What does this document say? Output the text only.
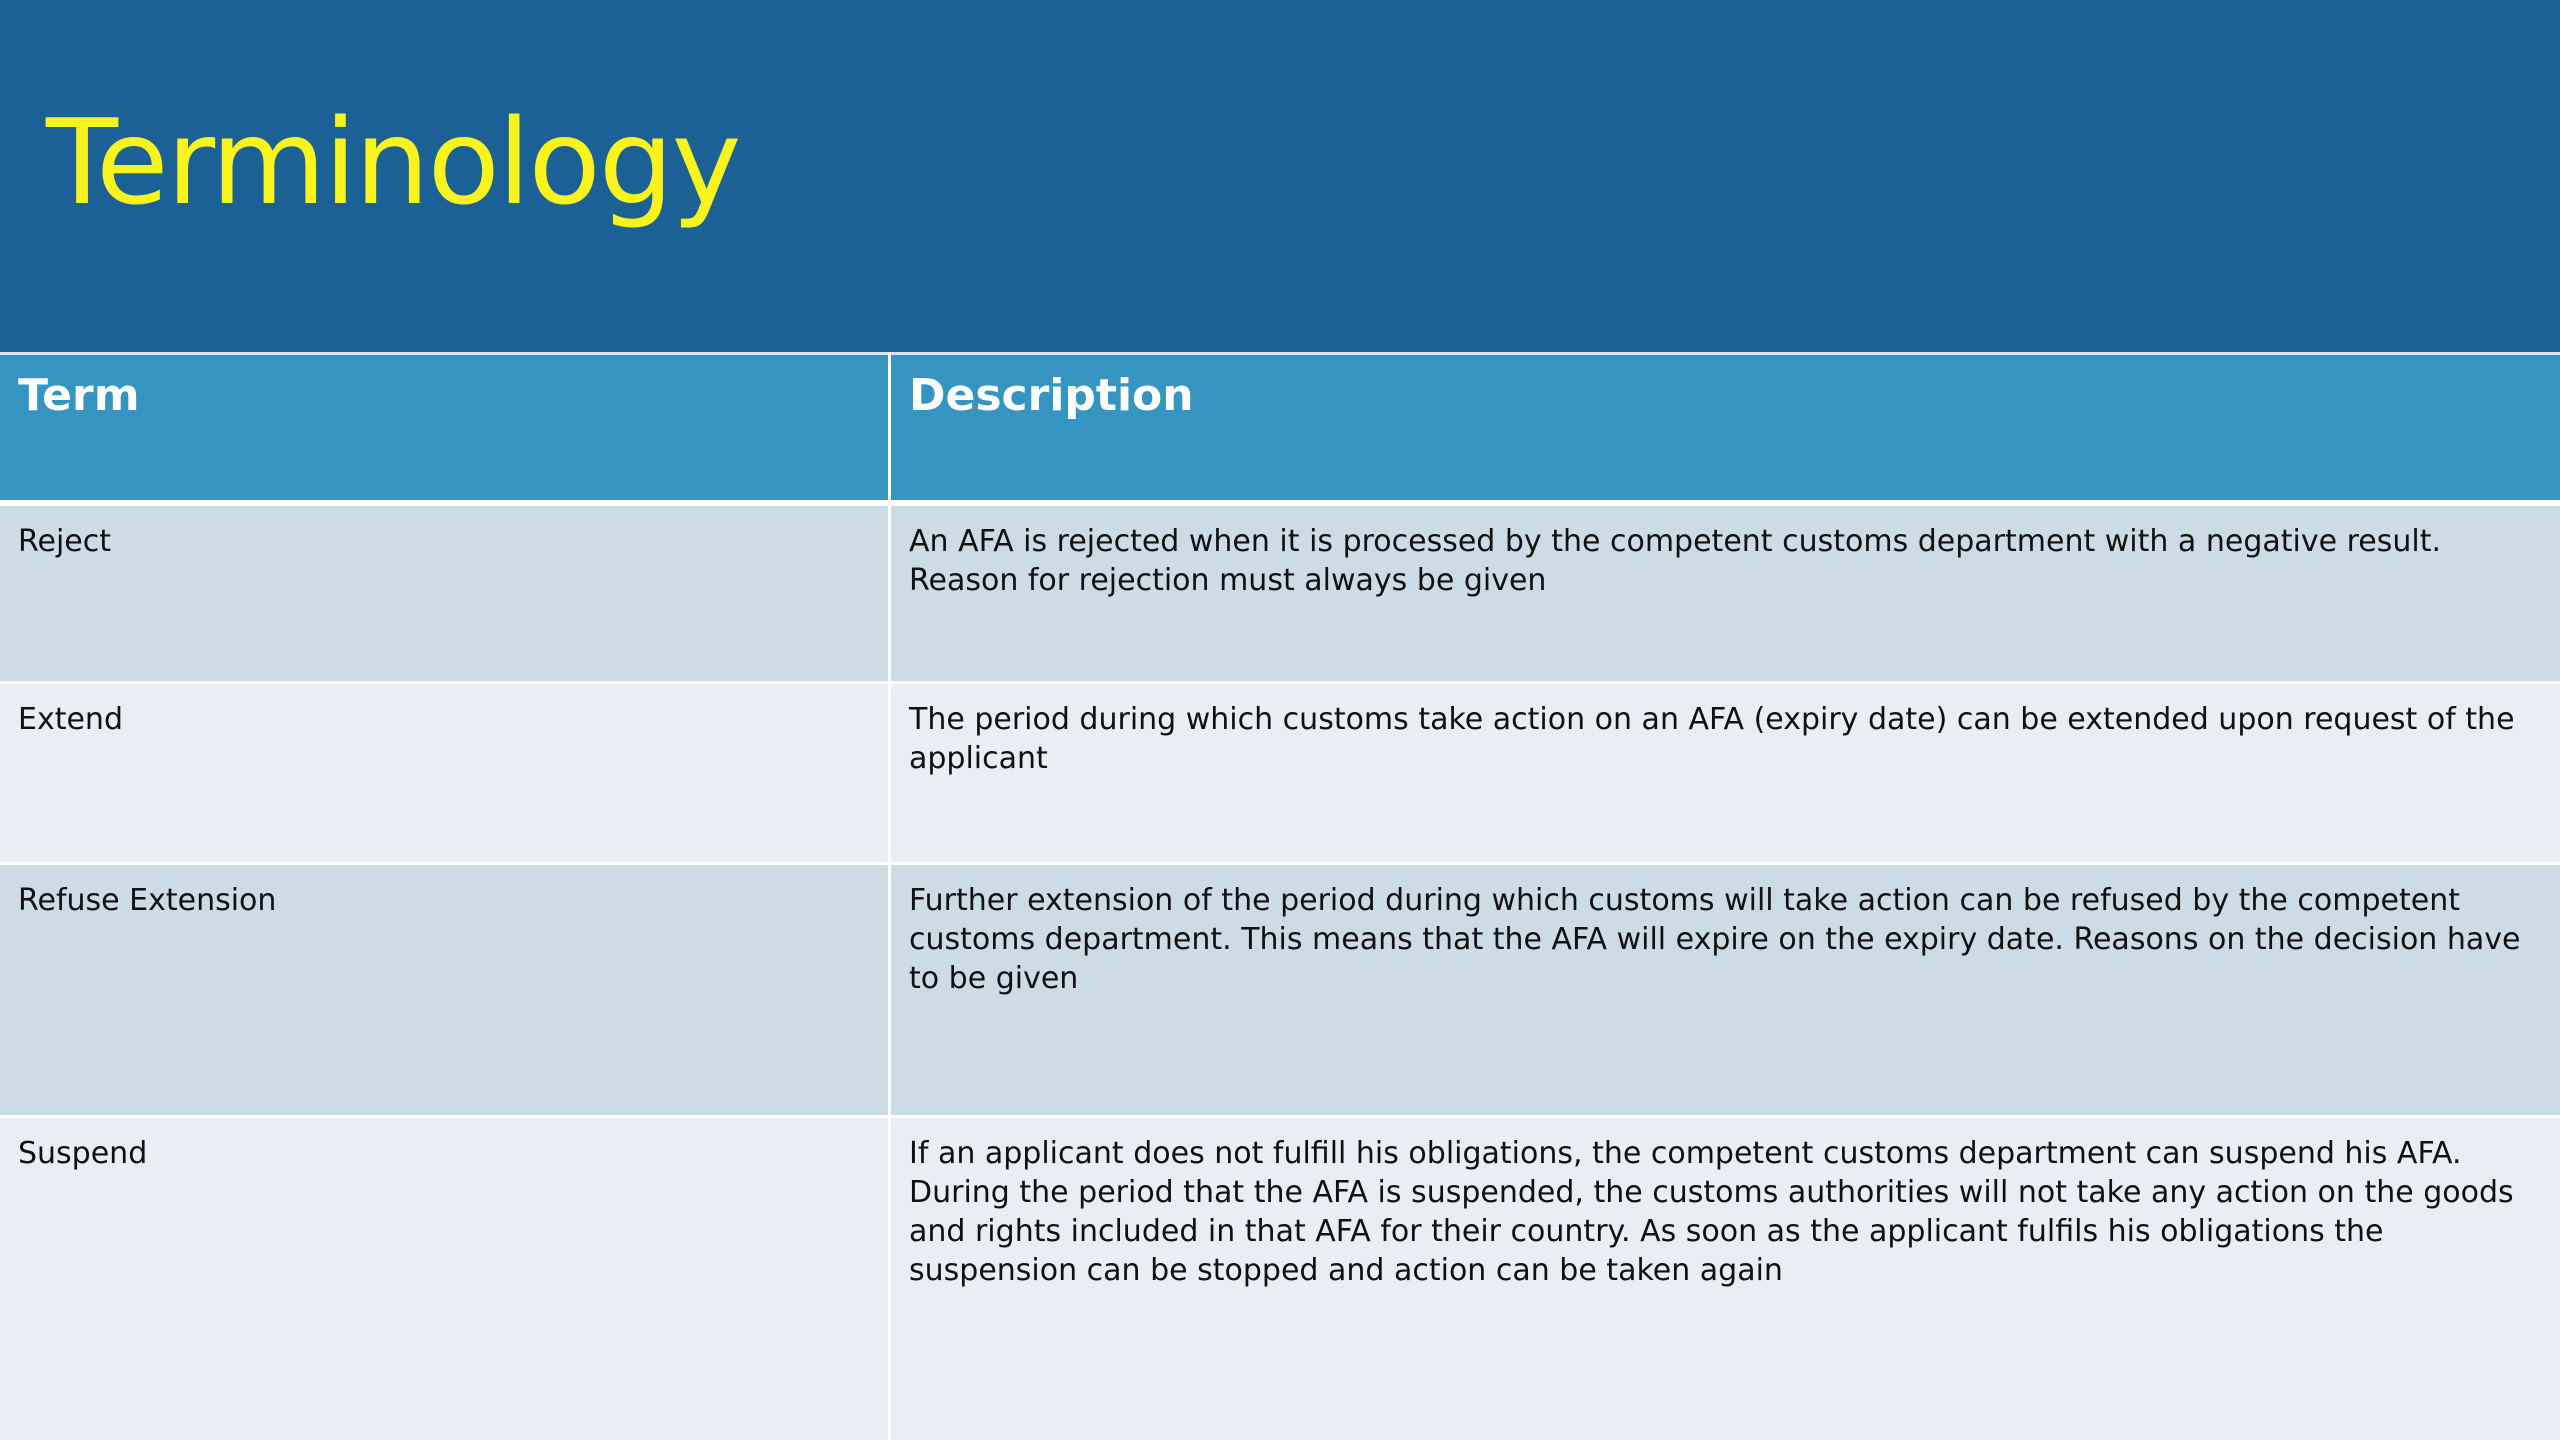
Terminology
Term	Description
Reject	An AFA is rejected when it is processed by the competent customs department with a negative result. Reason for rejection must always be given
Extend	The period during which customs take action on an AFA (expiry date) can be extended upon request of the applicant
Refuse Extension	Further extension of the period during which customs will take action can be refused by the competent customs department. This means that the AFA will expire on the expiry date. Reasons on the decision have to be given
Suspend	If an applicant does not fulfill his obligations, the competent customs department can suspend his AFA. During the period that the AFA is suspended, the customs authorities will not take any action on the goods and rights included in that AFA for their country. As soon as the applicant fulfils his obligations the suspension can be stopped and action can be taken again
